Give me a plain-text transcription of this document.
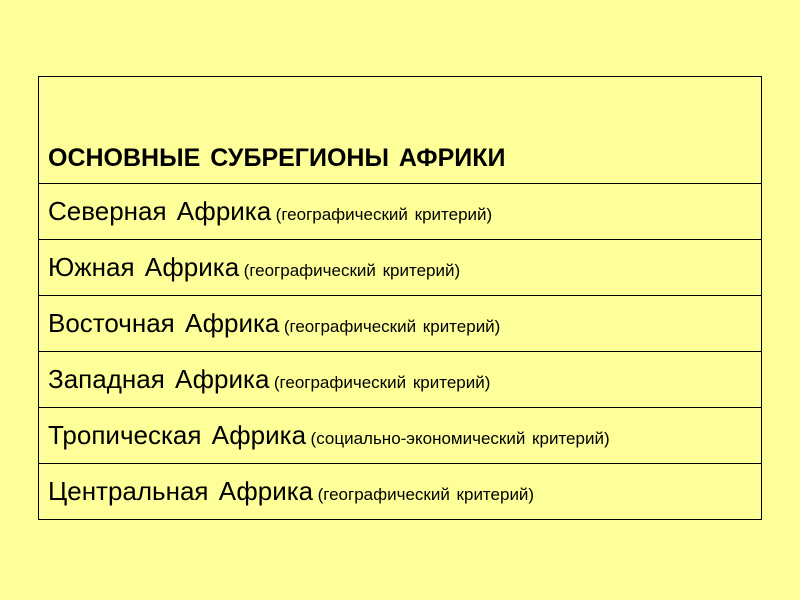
ОСНОВНЫЕ СУБРЕГИОНЫ АФРИКИ
Северная Африка (географический критерий)
Южная Африка (географический критерий)
Восточная Африка (географический критерий)
Западная Африка (географический критерий)
Тропическая Африка (социально-экономический критерий)
Центральная Африка (географический критерий)
